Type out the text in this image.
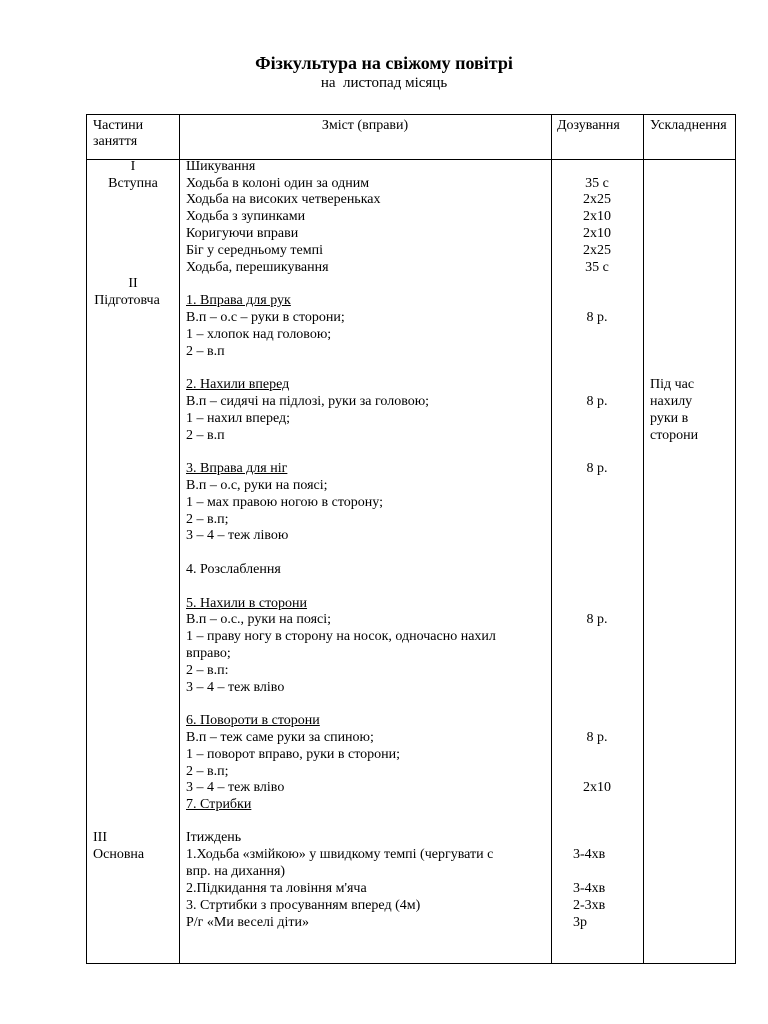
Фізкультура на свіжому повітрі
на  листопад місяць
Частини заняття
Зміст (вправи)	Дозування	Ускладнення
I
Вступна
II
Підготовча
III
Основна
Шикування
Ходьба в колоні один за одним
Ходьба на високих четвереньках
Ходьба з зупинками
Коригуючи вправи
Біг у середньому темпі
Ходьба, перешикування
1. Вправа для рук
В.п – о.с – руки в сторони;
1 – хлопок над головою;
2 – в.п
2. Нахили вперед
В.п – сидячі на підлозі, руки за головою;
1 – нахил вперед;
2 – в.п
3. Вправа для ніг
В.п – о.с, руки на поясі;
1 – мах правою ногою в сторону;
2 – в.п;
3 – 4 – теж лівою
4. Розслаблення
5. Нахили в сторони
В.п – о.с., руки на поясі;
1 – праву ногу в сторону на носок, одночасно нахил
вправо;
2 – в.п:
3 – 4 – теж вліво
6. Повороти в сторони
В.п – теж саме руки за спиною;
1 – поворот вправо, руки в сторони;
2 – в.п;
3 – 4 – теж вліво
7. Стрибки
Iтиждень
1.Ходьба «змійкою» у швидкому темпі (чергувати с
впр. на дихання)
2.Підкидання та ловіння м'яча
3. Стртибки з просуванням вперед (4м)
Р/г «Ми веселі діти»
35 с
2х25
2х10
2х10
2х25
35 с
8 р.
8 р.
8 р.
8 р.
8 р.
2х10
3-4хв
3-4хв
2-3хв
3р
Під час
нахилу
руки в
сторони
